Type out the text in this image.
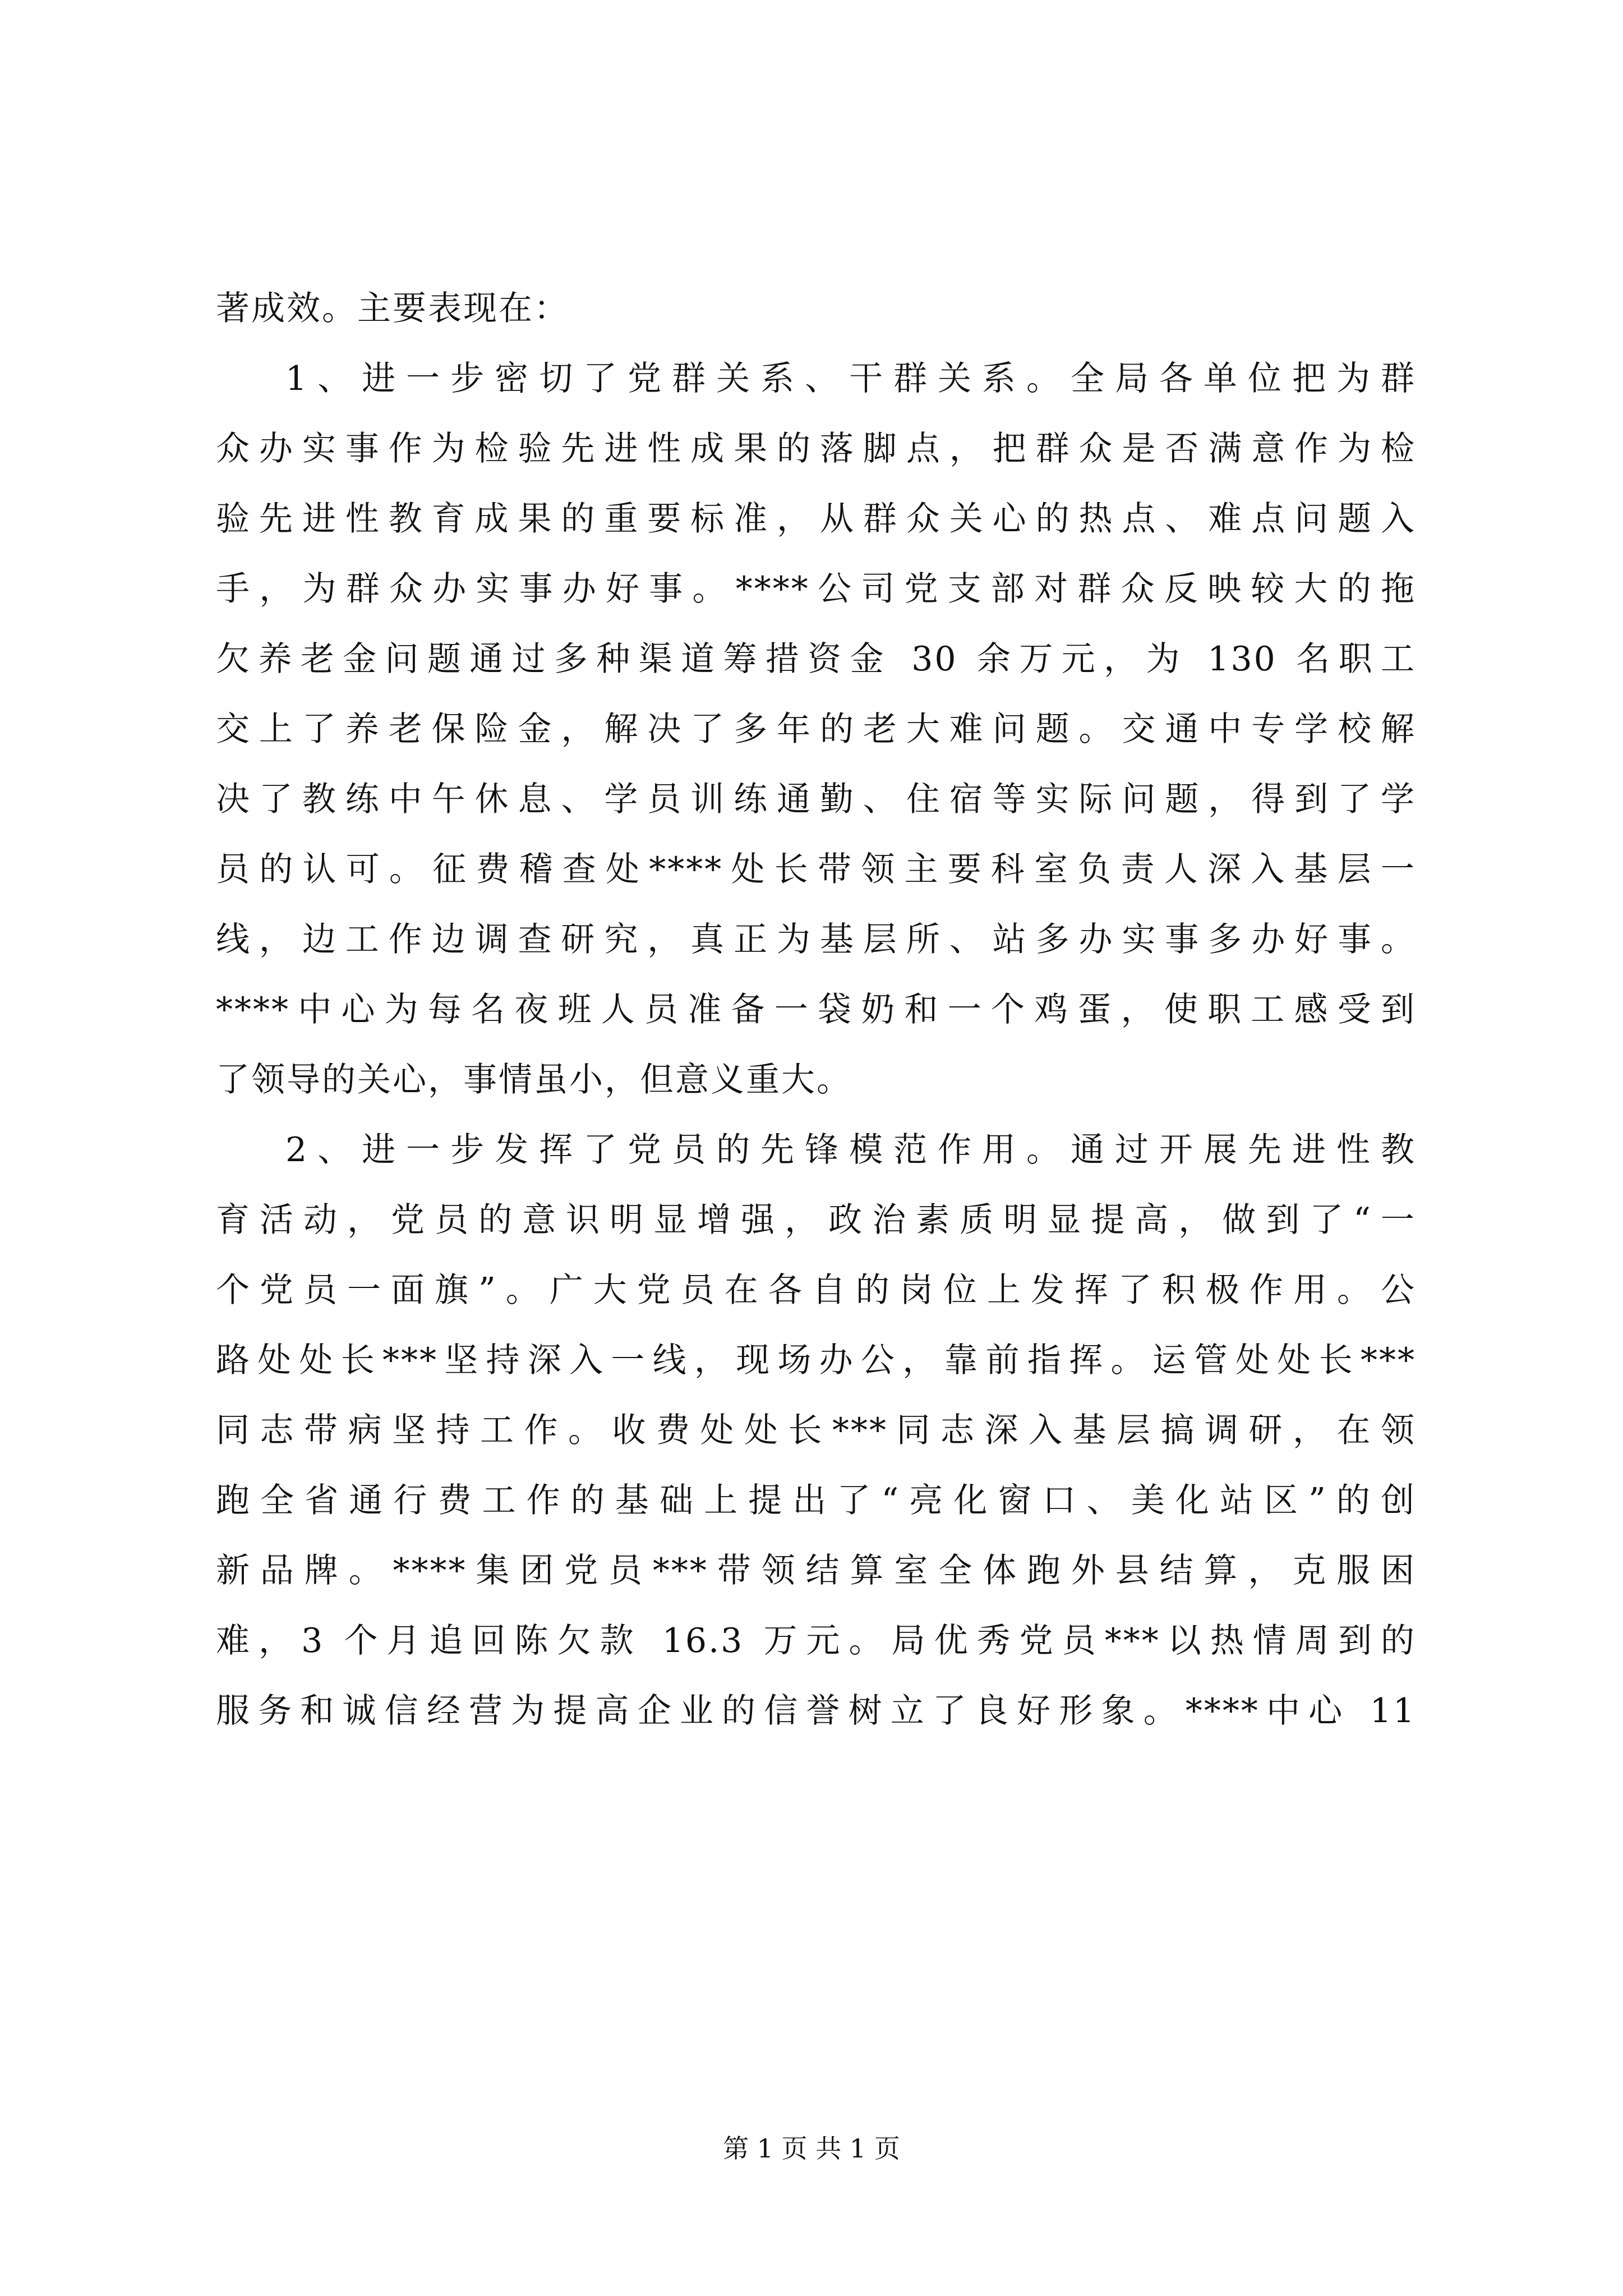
著成效。主要表现在：
1、进一步密切了党群关系、干群关系。全局各单位把为群
众办实事作为检验先进性成果的落脚点，把群众是否满意作为检
验先进性教育成果的重要标准，从群众关心的热点、难点问题入
手，为群众办实事办好事。****公司党支部对群众反映较大的拖
欠养老金问题通过多种渠道筹措资金 30 余万元，为 130 名职工
交上了养老保险金，解决了多年的老大难问题。交通中专学校解
决了教练中午休息、学员训练通勤、住宿等实际问题，得到了学
员的认可。征费稽查处****处长带领主要科室负责人深入基层一
线，边工作边调查研究，真正为基层所、站多办实事多办好事。
****中心为每名夜班人员准备一袋奶和一个鸡蛋，使职工感受到
了领导的关心，事情虽小，但意义重大。
2、进一步发挥了党员的先锋模范作用。通过开展先进性教
育活动，党员的意识明显增强，政治素质明显提高，做到了“一
个党员一面旗”。广大党员在各自的岗位上发挥了积极作用。公
路处处长***坚持深入一线，现场办公，靠前指挥。运管处处长***
同志带病坚持工作。收费处处长***同志深入基层搞调研，在领
跑全省通行费工作的基础上提出了“亮化窗口、美化站区”的创
新品牌。****集团党员***带领结算室全体跑外县结算，克服困
难，3 个月追回陈欠款 16.3 万元。局优秀党员***以热情周到的
服务和诚信经营为提高企业的信誉树立了良好形象。****中心 11
第 1 页 共 1 页
